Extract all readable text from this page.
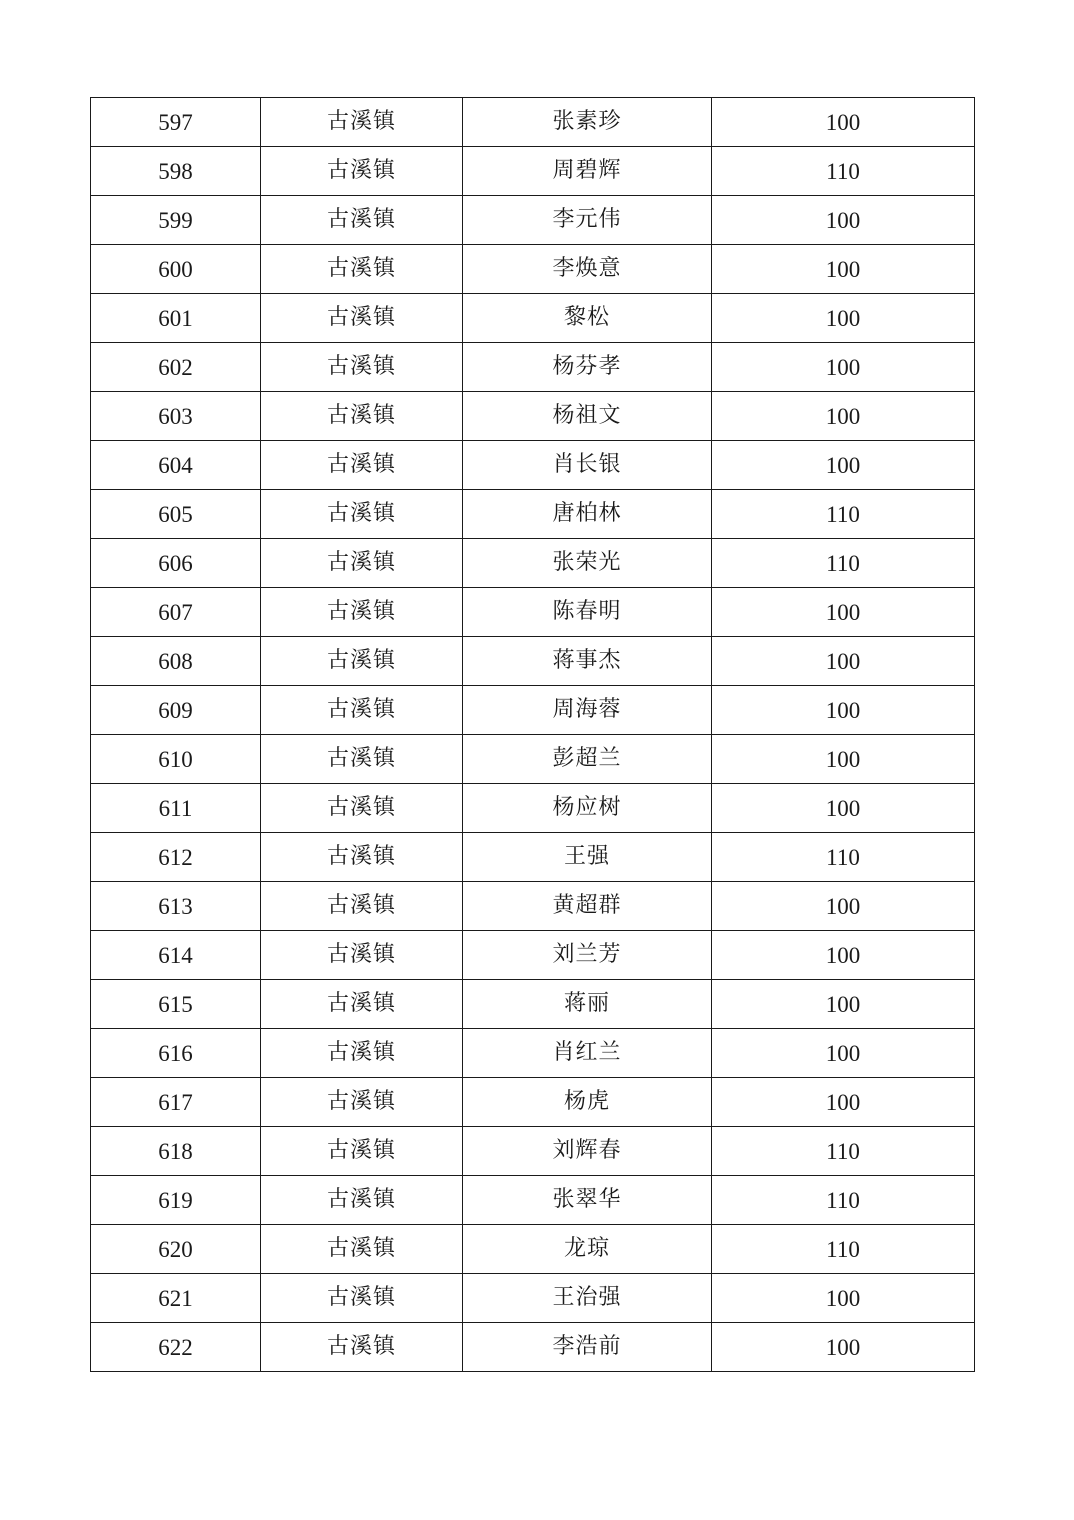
597	古溪镇	张素珍	100
598	古溪镇	周碧辉	110
599	古溪镇	李元伟	100
600	古溪镇	李焕意	100
601	古溪镇	黎松	100
602	古溪镇	杨芬孝	100
603	古溪镇	杨祖文	100
604	古溪镇	肖长银	100
605	古溪镇	唐柏林	110
606	古溪镇	张荣光	110
607	古溪镇	陈春明	100
608	古溪镇	蒋事杰	100
609	古溪镇	周海蓉	100
610	古溪镇	彭超兰	100
611	古溪镇	杨应树	100
612	古溪镇	王强	110
613	古溪镇	黄超群	100
614	古溪镇	刘兰芳	100
615	古溪镇	蒋丽	100
616	古溪镇	肖红兰	100
617	古溪镇	杨虎	100
618	古溪镇	刘辉春	110
619	古溪镇	张翠华	110
620	古溪镇	龙琼	110
621	古溪镇	王治强	100
622	古溪镇	李浩前	100
